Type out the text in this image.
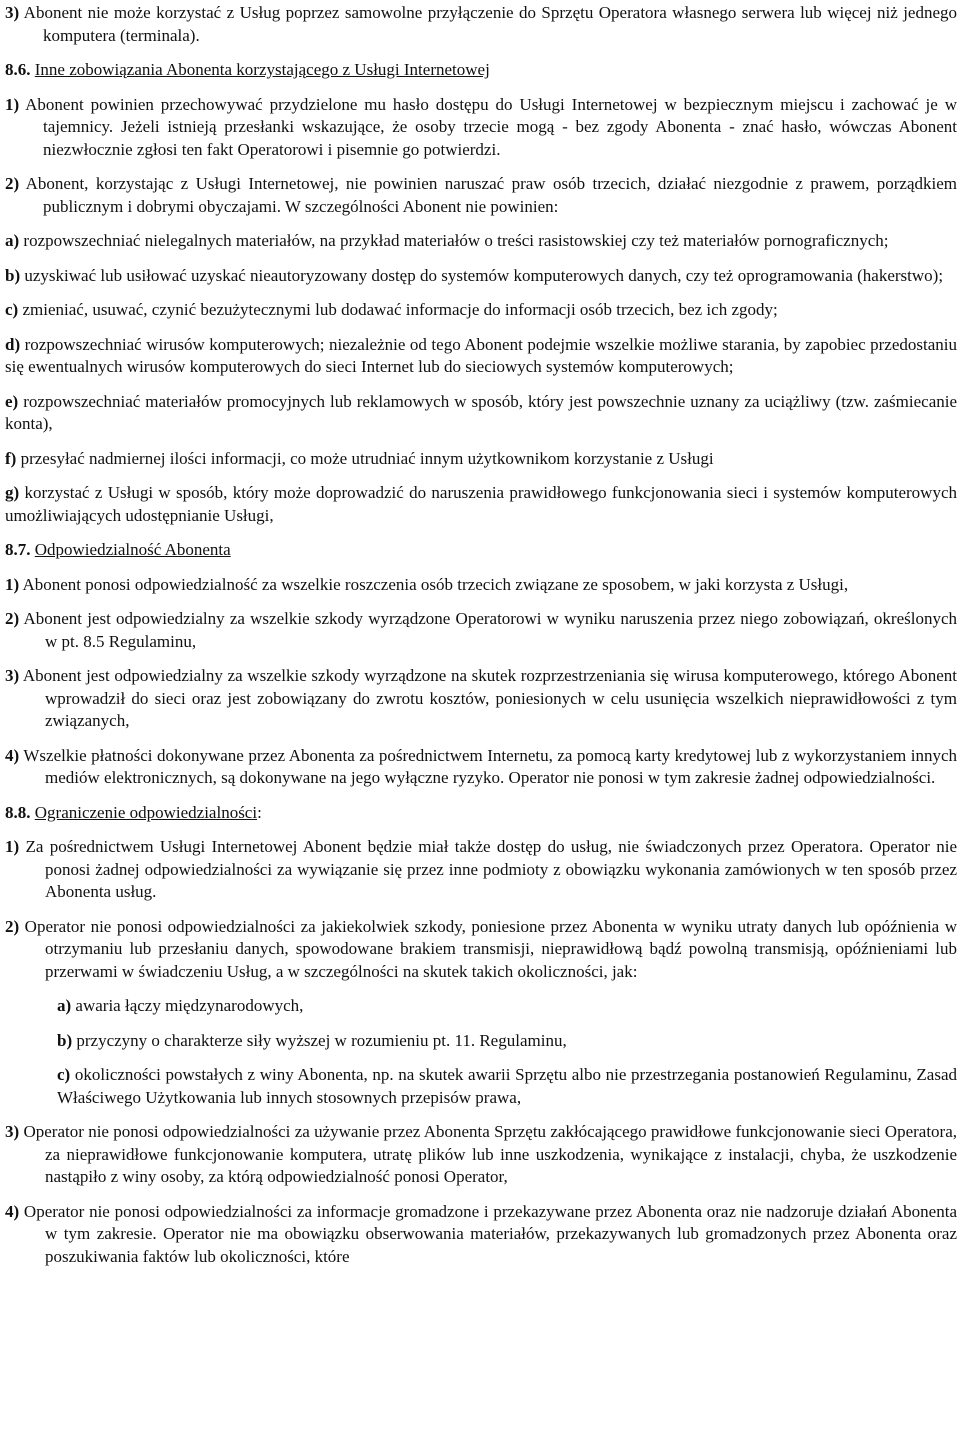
3) Abonent nie może korzystać z Usług poprzez samowolne przyłączenie do Sprzętu Operatora własnego serwera lub więcej niż jednego komputera (terminala).

8.6. Inne zobowiązania Abonenta korzystającego z Usługi Internetowej

1) Abonent powinien przechowywać przydzielone mu hasło dostępu do Usługi Internetowej w bezpiecznym miejscu i zachować je w tajemnicy. Jeżeli istnieją przesłanki wskazujące, że osoby trzecie mogą - bez zgody Abonenta - znać hasło, wówczas Abonent niezwłocznie zgłosi ten fakt Operatorowi i pisemnie go potwierdzi.

2) Abonent, korzystając z Usługi Internetowej, nie powinien naruszać praw osób trzecich, działać niezgodnie z prawem, porządkiem publicznym i dobrymi obyczajami. W szczególności Abonent nie powinien:

a) rozpowszechniać nielegalnych materiałów, na przykład materiałów o treści rasistowskiej czy też materiałów pornograficznych;

b) uzyskiwać lub usiłować uzyskać nieautoryzowany dostęp do systemów komputerowych danych, czy też oprogramowania (hakerstwo);

c) zmieniać, usuwać, czynić bezużytecznymi lub dodawać informacje do informacji osób trzecich, bez ich zgody;

d) rozpowszechniać wirusów komputerowych; niezależnie od tego Abonent podejmie wszelkie możliwe starania, by zapobiec przedostaniu się ewentualnych wirusów komputerowych do sieci Internet lub do sieciowych systemów komputerowych;

e) rozpowszechniać materiałów promocyjnych lub reklamowych w sposób, który jest powszechnie uznany za uciążliwy (tzw. zaśmiecanie konta),

f) przesyłać nadmiernej ilości informacji, co może utrudniać innym użytkownikom korzystanie z Usługi

g) korzystać z Usługi w sposób, który może doprowadzić do naruszenia prawidłowego funkcjonowania sieci i systemów komputerowych umożliwiających udostępnianie Usługi,

8.7. Odpowiedzialność Abonenta

1) Abonent ponosi odpowiedzialność za wszelkie roszczenia osób trzecich związane ze sposobem, w jaki korzysta z Usługi,

2) Abonent jest odpowiedzialny za wszelkie szkody wyrządzone Operatorowi w wyniku naruszenia przez niego zobowiązań, określonych w pt. 8.5 Regulaminu,

3) Abonent jest odpowiedzialny za wszelkie szkody wyrządzone na skutek rozprzestrzeniania się wirusa komputerowego, którego Abonent wprowadził do sieci oraz jest zobowiązany do zwrotu kosztów, poniesionych w celu usunięcia wszelkich nieprawidłowości z tym związanych,

4) Wszelkie płatności dokonywane przez Abonenta za pośrednictwem Internetu, za pomocą karty kredytowej lub z wykorzystaniem innych mediów elektronicznych, są dokonywane na jego wyłączne ryzyko. Operator nie ponosi w tym zakresie żadnej odpowiedzialności.

8.8. Ograniczenie odpowiedzialności:

1) Za pośrednictwem Usługi Internetowej Abonent będzie miał także dostęp do usług, nie świadczonych przez Operatora. Operator nie ponosi żadnej odpowiedzialności za wywiązanie się przez inne podmioty z obowiązku wykonania zamówionych w ten sposób przez Abonenta usług.

2) Operator nie ponosi odpowiedzialności za jakiekolwiek szkody, poniesione przez Abonenta w wyniku utraty danych lub opóźnienia w otrzymaniu lub przesłaniu danych, spowodowane brakiem transmisji, nieprawidłową bądź powolną transmisją, opóźnieniami lub przerwami w świadczeniu Usług, a w szczególności na skutek takich okoliczności, jak:

a) awaria łączy międzynarodowych,

b) przyczyny o charakterze siły wyższej w rozumieniu pt. 11. Regulaminu,

c) okoliczności powstałych z winy Abonenta, np. na skutek awarii Sprzętu albo nie przestrzegania postanowień Regulaminu, Zasad Właściwego Użytkowania lub innych stosownych przepisów prawa,

3) Operator nie ponosi odpowiedzialności za używanie przez Abonenta Sprzętu zakłócającego prawidłowe funkcjonowanie sieci Operatora, za nieprawidłowe funkcjonowanie komputera, utratę plików lub inne uszkodzenia, wynikające z instalacji, chyba, że uszkodzenie nastąpiło z winy osoby, za którą odpowiedzialność ponosi Operator,

4) Operator nie ponosi odpowiedzialności za informacje gromadzone i przekazywane przez Abonenta oraz nie nadzoruje działań Abonenta w tym zakresie. Operator nie ma obowiązku obserwowania materiałów, przekazywanych lub gromadzonych przez Abonenta oraz poszukiwania faktów lub okoliczności, które
